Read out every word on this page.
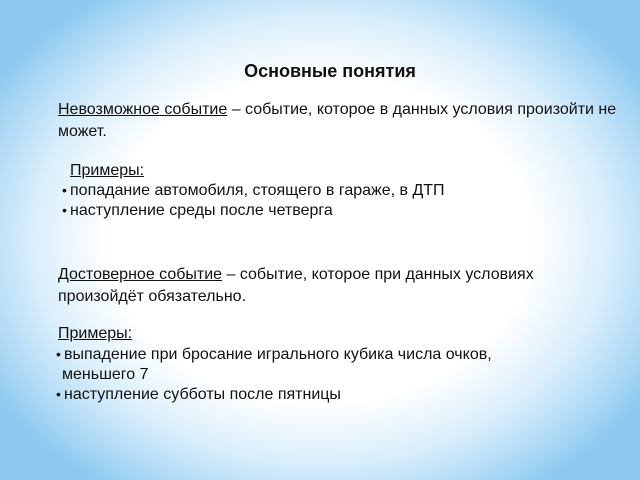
Основные понятия
Невозможное событие – событие, которое в данных условия произойти не может.
Примеры:
• попадание автомобиля, стоящего в гараже, в ДТП
• наступление среды после четверга
Достоверное событие – событие, которое при данных условиях произойдёт обязательно.
Примеры:
• выпадение при бросание игрального кубика числа очков,
меньшего 7
• наступление субботы после пятницы
